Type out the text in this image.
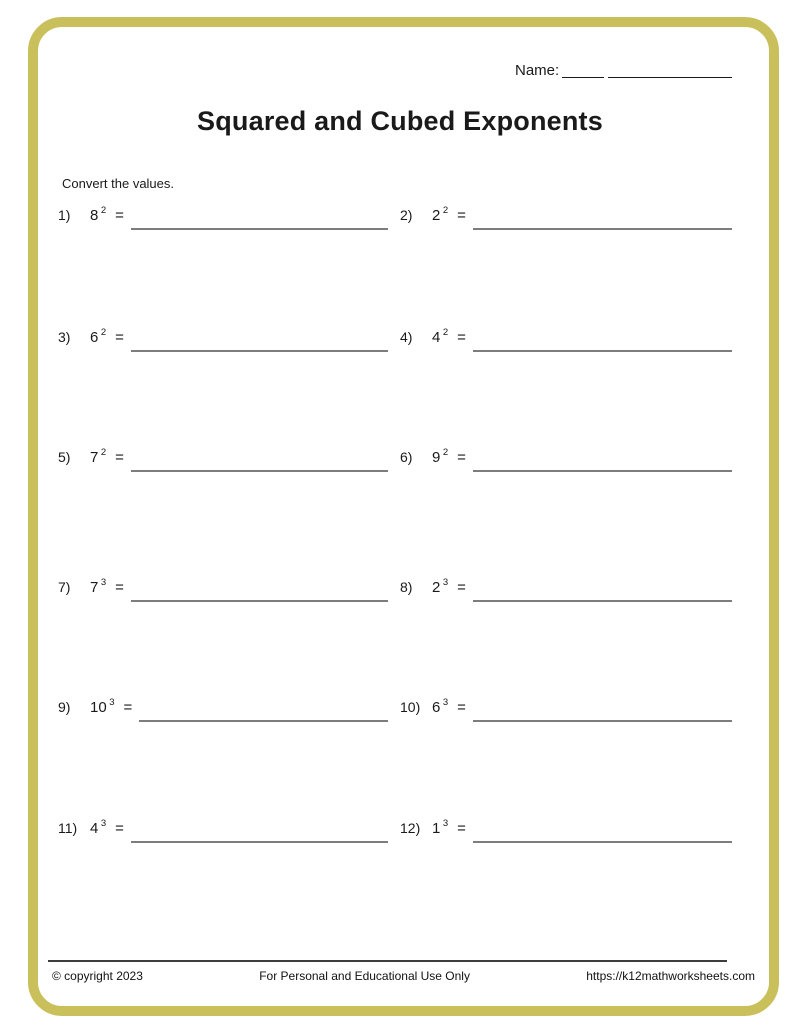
Name:
Squared and Cubed Exponents
Convert the values.
1)	8 $^2$ =	2)	2 $^2$ =
3)	6 $^2$ =	4)	4 $^2$ =
5)	7 $^2$ =	6)	9 $^2$ =
7)	7 $^3$ =	8)	2 $^3$ =
9)	10 $^3$ =	10) 6 $^3$ =
11) 4 $^3$ =	12) 1 $^3$ =
© copyright 2023	For Personal and Educational Use Only	https://k12mathworksheets.com
